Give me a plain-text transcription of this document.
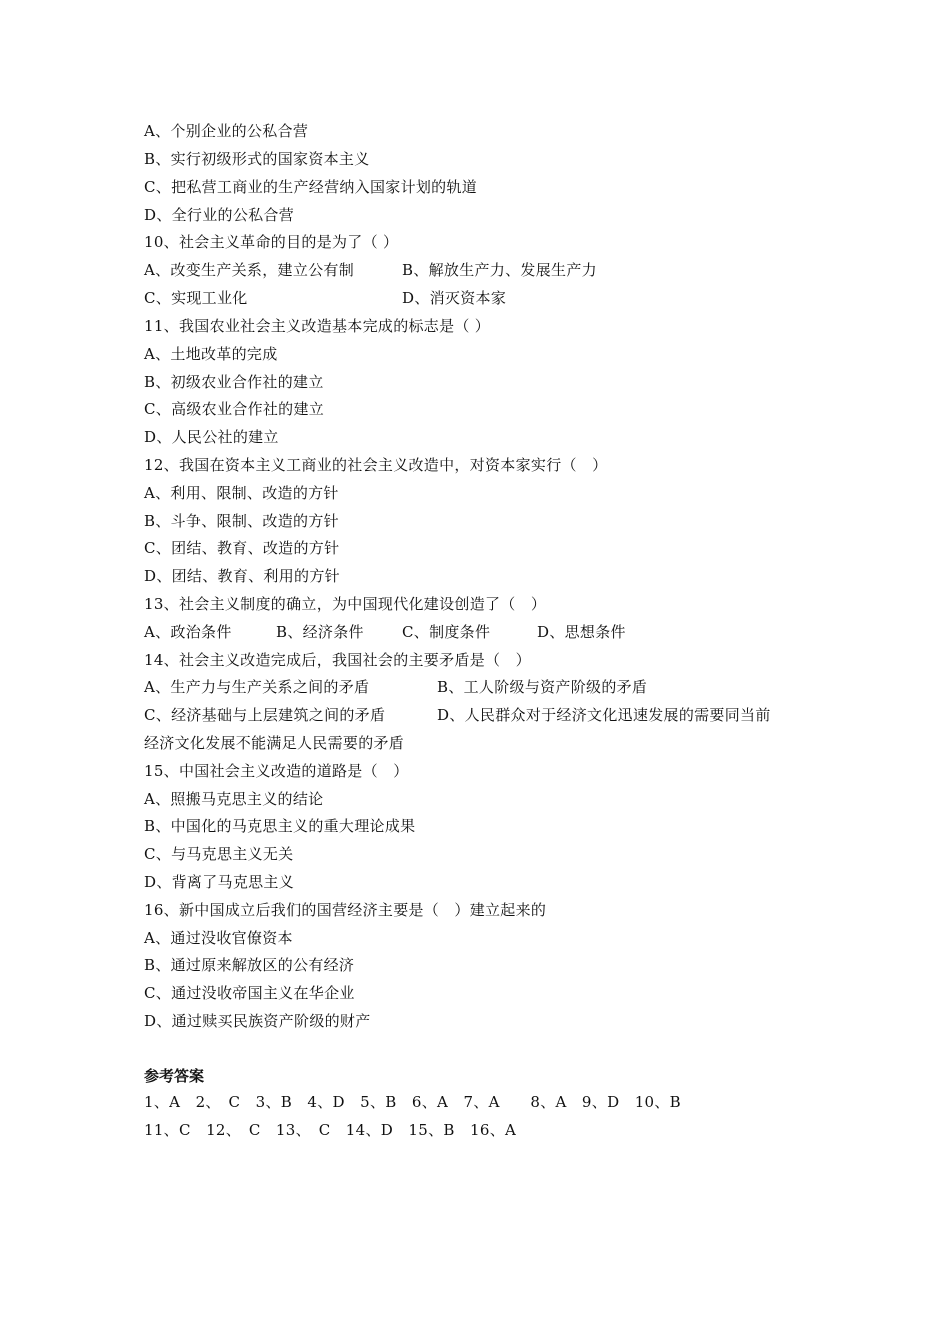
A、个别企业的公私合营
B、实行初级形式的国家资本主义
C、把私营工商业的生产经营纳入国家计划的轨道
D、全行业的公私合营
10、社会主义革命的目的是为了（ ）
A、改变生产关系，建立公有制	B、解放生产力、发展生产力
C、实现工业化	D、消灭资本家
11、我国农业社会主义改造基本完成的标志是（ ）
A、土地改革的完成
B、初级农业合作社的建立
C、高级农业合作社的建立
D、人民公社的建立
12、我国在资本主义工商业的社会主义改造中，对资本家实行（　）
A、利用、限制、改造的方针
B、斗争、限制、改造的方针
C、团结、教育、改造的方针
D、团结、教育、利用的方针
13、社会主义制度的确立，为中国现代化建设创造了（　）
A、政治条件	B、经济条件	C、制度条件	D、思想条件
14、社会主义改造完成后，我国社会的主要矛盾是（　）
A、生产力与生产关系之间的矛盾	B、工人阶级与资产阶级的矛盾
C、经济基础与上层建筑之间的矛盾	D、人民群众对于经济文化迅速发展的需要同当前
经济文化发展不能满足人民需要的矛盾
15、中国社会主义改造的道路是（　）
A、照搬马克思主义的结论
B、中国化的马克思主义的重大理论成果
C、与马克思主义无关
D、背离了马克思主义
16、新中国成立后我们的国营经济主要是（　）建立起来的
A、通过没收官僚资本
B、通过原来解放区的公有经济
C、通过没收帝国主义在华企业
D、通过赎买民族资产阶级的财产
参考答案
1、A　2、　C　3、B　4、D　5、B　6、A　7、A　　8、A　9、D　10、B
11、C　12、　C　13、　C　14、D　15、B　16、A
